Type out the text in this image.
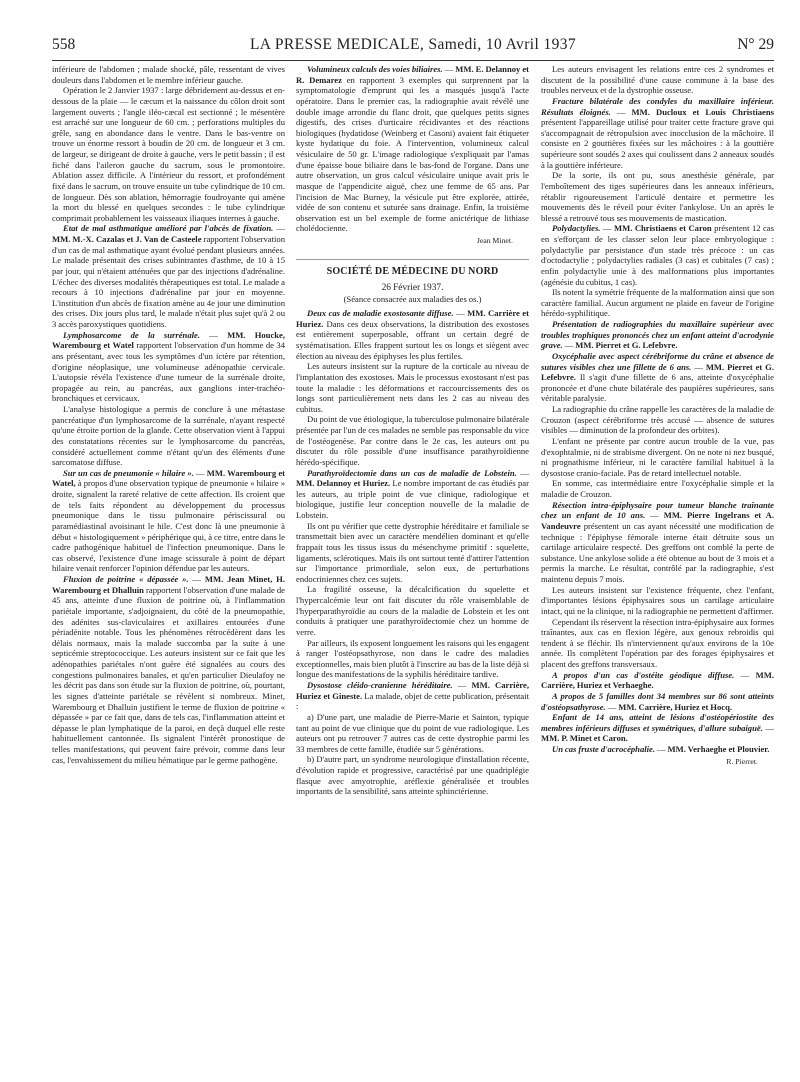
558	LA PRESSE MEDICALE, Samedi, 10 Avril 1937	N° 29

inférieure de l'abdomen ; malade shocké, pâle, ressentant de vives douleurs dans l'abdomen et le membre inférieur gauche.

Opération le 2 Janvier 1937 : large débridement au-dessus et en-dessous de la plaie — le cæcum et la naissance du côlon droit sont largement ouverts ; l'angle iléo-cæcal est sectionné ; le mésentère est arraché sur une longueur de 60 cm. ; perforations multiples du grêle, sang en abondance dans le ventre. Dans le bas-ventre on trouve un énorme ressort à boudin de 20 cm. de longueur et 3 cm. de largeur, se dirigeant de droite à gauche, vers le petit bassin ; il est fiché dans l'aileron gauche du sacrum, sous le promontoire. Ablation assez difficile. A l'intérieur du ressort, et profondément fixé dans le sacrum, on trouve ensuite un tube cylindrique de 10 cm. de longueur. Dès son ablation, hémorragie foudroyante qui amène la mort du blessé en quelques secondes : le tube cylindrique comprimait probablement les vaisseaux iliaques internes à gauche.

Etat de mal asthmatique amélioré par l'abcès de fixation. — MM. M.-X. Cazalas et J. Van de Casteele rapportent l'observation d'un cas de mal asthmatique ayant évolué pendant plusieurs années. Le malade présentait des crises subintrantes d'asthme, de 10 à 15 par jour, qui n'étaient atténuées que par des injections d'adrénaline. L'échec des diverses modalités thérapeutiques est total. Le malade a recours à 10 injections d'adrénaline par jour en moyenne. L'institution d'un abcès de fixation amène au 4e jour une diminution des crises. Dix jours plus tard, le malade n'était plus sujet qu'à 2 ou 3 accès paroxystiques quotidiens.

Lymphosarcome de la surrénale. — MM. Houcke, Warembourg et Watel rapportent l'observation d'un homme de 34 ans présentant, avec tous les symptômes d'un ictère par rétention, d'origine néoplasique, une volumineuse adénopathie cervicale. L'autopsie révéla l'existence d'une tumeur de la surrénale droite, propagée au rein, au pancréas, aux ganglions inter-trachéo-bronchiques et cervicaux.

L'analyse histologique a permis de conclure à une métastase pancréatique d'un lymphosarcome de la surrénale, n'ayant respecté qu'une étroite portion de la glande. Cette observation vient à l'appui des constatations récentes sur le lymphosarcome du pancréas, considéré actuellement comme n'étant qu'un des éléments d'une sarcomatose diffuse.

Sur un cas de pneumonie « hilaire ». — MM. Warembourg et Watel, à propos d'une observation typique de pneumonie « hilaire » droite, signalent la rareté relative de cette affection. Ils croient que de tels faits répondent au développement du processus pneumonique dans le tissu pulmonaire périscissural ou paramédiastinal avoisinant le hile. C'est donc là une pneumonie à début « histologiquement » périphérique qui, à ce titre, entre dans le cadre pathogénique habituel de l'infection pneumonique. Dans le cas observé, l'existence d'une image scissurale à point de départ hilaire venait renforcer l'opinion défendue par les auteurs.

Fluxion de poitrine « dépassée ». — MM. Jean Minet, H. Warembourg et Dhalluin rapportent l'observation d'une malade de 45 ans, atteinte d'une fluxion de poitrine où, à l'inflammation pariétale importante, s'adjoignaient, du côté de la pneumopathie, des adénites sus-claviculaires et axillaires entourées d'une périadénite notable. Tous les phénomènes rétrocédèrent dans les délais normaux, mais la malade succomba par la suite à une septicémie streptococcique. Les auteurs insistent sur ce fait que les adénopathies pariétales n'ont guère été signalées au cours des congestions pulmonaires banales, et qu'en particulier Dieulafoy ne les décrit pas dans son étude sur la fluxion de poitrine, où, pourtant, les signes d'atteinte pariétale se révèlent si nombreux. Minet, Warembourg et Dhalluin justifient le terme de fluxion de poitrine « dépassée » par ce fait que, dans de tels cas, l'inflammation atteint et dépasse le plan lymphatique de la paroi, en deçà duquel elle reste habituellement cantonnée. Ils signalent l'intérêt pronostique de telles manifestations, qui peuvent faire prévoir, comme dans leur cas, l'envahissement du milieu hématique par le germe pathogène.

Volumineux calculs des voies biliaires. — MM. E. Delannoy et R. Demarez en rapportent 3 exemples qui surprennent par la symptomatologie d'emprunt qui les a masqués jusqu'à l'acte opératoire. Dans le premier cas, la radiographie avait révélé une double image arrondie du flanc droit, que quelques petits signes digestifs, des crises d'urticaire récidivantes et des réactions biologiques (hydatidose (Weinberg et Casoni) avaient fait étiqueter kyste hydatique du foie. A l'intervention, volumineux calcul vésiculaire de 50 gr. L'image radiologique s'expliquait par l'amas d'une épaisse boue biliaire dans le bas-fond de l'organe. Dans une autre observation, un gros calcul vésiculaire unique avait pris le masque de l'appendicite aiguë, chez une femme de 65 ans. Par l'incision de Mac Burney, la vésicule put être explorée, attirée, vidée de son contenu et suturée sans drainage. Enfin, la troisième observation est un bel exemple de forme anictérique de lithiase cholédocienne.

Jean Minet.

SOCIÉTÉ DE MÉDECINE DU NORD
26 Février 1937.
(Séance consacrée aux maladies des os.)

Deux cas de maladie exostosante diffuse. — MM. Carrière et Huriez. Dans ces deux observations, la distribution des exostoses est entièrement superposable, offrant un certain degré de systématisation. Elles frappent surtout les os longs et siègent avec élection au niveau des épiphyses les plus fertiles.

Les auteurs insistent sur la rupture de la corticale au niveau de l'implantation des exostoses. Mais le processus exostosant n'est pas toute la maladie : les déformations et raccourcissements des os longs sont particulièrement nets dans les 2 cas au niveau des cubitus.

Du point de vue étiologique, la tuberculose pulmonaire bilatérale présentée par l'un de ces malades ne semble pas responsable du vice de l'ostéogenèse. Par contre dans le 2e cas, les auteurs ont pu discuter du rôle possible d'une insuffisance parathyroïdienne hérédo-spécifique.

Parathyroïdectomie dans un cas de maladie de Lobstein. — MM. Delannoy et Huriez. Le nombre important de cas étudiés par les auteurs, au triple point de vue clinique, radiologique et biologique, justifie leur conception nouvelle de la maladie de Lobstein.

Ils ont pu vérifier que cette dystrophie héréditaire et familiale se transmettait bien avec un caractère mendélien dominant et qu'elle frappait tous les tissus issus du mésenchyme primitif : squelette, ligaments, sclérotiques. Mais ils ont surtout tenté d'attirer l'attention sur l'importance primordiale, selon eux, de perturbations endocriniennes chez ces sujets.

La fragilité osseuse, la décalcification du squelette et l'hypercalcémie leur ont fait discuter du rôle vraisemblable de l'hyperparathyroïdie au cours de la maladie de Lobstein et les ont conduits à pratiquer une parathyroïdectomie chez un homme de verre.

Par ailleurs, ils exposent longuement les raisons qui les engagent à ranger l'ostéopsathyrose, non dans le cadre des maladies exceptionnelles, mais bien plutôt à l'inscrire au bas de la liste déjà si longue des manifestations de la syphilis héréditaire tardive.

Dysostose cléido-cranienne héréditaire. — MM. Carrière, Huriez et Gineste. La malade, objet de cette publication, présentait :

a) D'une part, une maladie de Pierre-Marie et Sainton, typique tant au point de vue clinique que du point de vue radiologique. Les auteurs ont pu retrouver 7 autres cas de cette dystrophie parmi les 33 membres de cette famille, étudiée sur 5 générations.

b) D'autre part, un syndrome neurologique d'installation récente, d'évolution rapide et progressive, caractérisé par une quadriplégie flasque avec amyotrophie, aréflexie généralisée et troubles importants de la sensibilité, sans atteinte sphinctérienne.

Les auteurs envisagent les relations entre ces 2 syndromes et discutent de la possibilité d'une cause commune à la base des troubles nerveux et de la dystrophie osseuse.

Fracture bilatérale des condyles du maxillaire inférieur. Résultats éloignés. — MM. Ducloux et Louis Christiaens présentent l'appareillage utilisé pour traiter cette fracture grave qui s'accompagnait de rétropulsion avec inocclusion de la mâchoire. Il consiste en 2 gouttières fixées sur les mâchoires : à la gouttière supérieure sont soudés 2 axes qui coulissent dans 2 anneaux soudés à la gouttière inférieure.

De la sorte, ils ont pu, sous anesthésie générale, par l'emboîtement des tiges supérieures dans les anneaux inférieurs, rétablir rigoureusement l'articulé dentaire et permettre les mouvements dès le réveil pour éviter l'ankylose. Un an après le blessé a retrouvé tous ses mouvements de mastication.

Polydactylies. — MM. Christiaens et Caron présentent 12 cas en s'efforçant de les classer selon leur place embryologique : polydactylie par persistance d'un stade très précoce : un cas d'octodactylie ; polydactylies radiales (3 cas) et cubitales (7 cas) ; enfin polydactylie unie à des malformations plus importantes (agénésie du cubitus, 1 cas).

Ils notent la symétrie fréquente de la malformation ainsi que son caractère familial. Aucun argument ne plaide en faveur de l'origine hérédo-syphilitique.

Présentation de radiographies du maxillaire supérieur avec troubles trophiques prononcés chez un enfant atteint d'acrodynie grave. — MM. Pierret et G. Lefebvre.

Oxycéphalie avec aspect cérébriforme du crâne et absence de sutures visibles chez une fillette de 6 ans. — MM. Pierret et G. Lefebvre. Il s'agit d'une fillette de 6 ans, atteinte d'oxycéphalie prononcée et d'une chute bilatérale des paupières supérieures, sans véritable paralysie.

La radiographie du crâne rappelle les caractères de la maladie de Crouzon (aspect cérébriforme très accusé — absence de sutures visibles — diminution de la profondeur des orbites).

L'enfant ne présente par contre aucun trouble de la vue, pas d'exophtalmie, ni de strabisme divergent. On ne note ni nez busqué, ni prognathisme inférieur, ni le caractère familial habituel à la dysostose cranio-faciale. Pas de retard intellectuel notable.

En somme, cas intermédiaire entre l'oxycéphalie simple et la maladie de Crouzon.

Résection intra-épiphysaire pour tumeur blanche traînante chez un enfant de 10 ans. — MM. Pierre Ingelrans et A. Vandeuvre présentent un cas ayant nécessité une modification de technique : l'épiphyse fémorale interne était détruite sous un cartilage articulaire respecté. Des greffons ont comblé la perte de substance. Une ankylose solide a été obtenue au bout de 3 mois et a permis la marche. Le résultat, contrôlé par la radiographie, s'est maintenu depuis 7 mois.

Les auteurs insistent sur l'existence fréquente, chez l'enfant, d'importantes lésions épiphysaires sous un cartilage articulaire intact, qui ne la clinique, ni la radiographie ne permettent d'affirmer.

Cependant ils réservent la résection intra-épiphysaire aux formes traînantes, aux cas en flexion légère, aux genoux rebroidis qui tendent à se fléchir. Ils n'interviennent qu'aux environs de la 10e année. Ils complètent l'opération par des forages épiphysaires et placent des greffons transversaux.

A propos d'un cas d'ostéite géodique diffuse. — MM. Carrière, Huriez et Verhaeghe.

A propos de 5 familles dont 34 membres sur 86 sont atteints d'ostéopsathyrose. — MM. Carrière, Huriez et Hocq.

Enfant de 14 ans, atteint de lésions d'ostéopériostite des membres inférieurs diffuses et symétriques, d'allure subaiguë. — MM. P. Minet et Caron.

Un cas fruste d'acrocéphalie. — MM. Verhaeghe et Plouvier.

R. Pierret.
